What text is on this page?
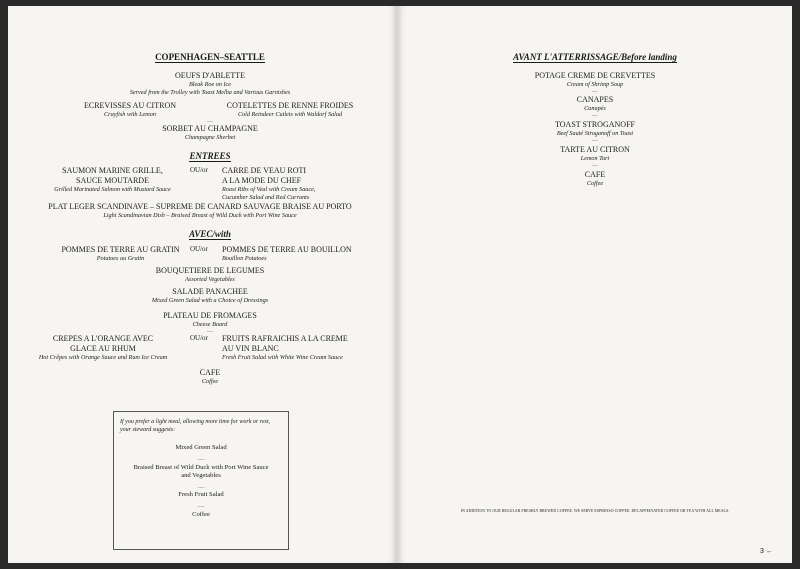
COPENHAGEN–SEATTLE
OEUFS D'ABLETTE
Bleak Roe on Ice
Served from the Trolley with Toast Melba and Various Garnishes
ECREVISSES AU CITRON
Crayfish with Lemon
COTELETTES DE RENNE FROIDES
Cold Reindeer Cutlets with Waldorf Salad
—
SORBET AU CHAMPAGNE
Champagne Sherbet
ENTREES
SAUMON MARINE GRILLE,
SAUCE MOUTARDE
Grilled Marinated Salmon with Mustard Sauce
OU/or CARRE DE VEAU ROTI
A LA MODE DU CHEF
Roast Ribs of Veal with Cream Sauce,
Cucumber Salad and Red Currants
PLAT LEGER SCANDINAVE – SUPREME DE CANARD SAUVAGE BRAISE AU PORTO
Light Scandinavian Dish – Braised Breast of Wild Duck with Port Wine Sauce
AVEC/with
POMMES DE TERRE AU GRATIN
Potatoes au Gratin
OU/or POMMES DE TERRE AU BOUILLON
Bouillon Potatoes
BOUQUETIERE DE LEGUMES
Assorted Vegetables
SALADE PANACHEE
Mixed Green Salad with a Choice of Dressings
PLATEAU DE FROMAGES
Cheese Board
—
CREPES A L'ORANGE AVEC
GLACE AU RHUM
Hot Crêpes with Orange Sauce and Rum Ice Cream
OU/or FRUITS RAFRAICHIS A LA CREME
AU VIN BLANC
Fresh Fruit Salad with White Wine Cream Sauce
CAFE
Coffee
If you prefer a light meal, allowing more time for work or rest,
your steward suggests:
Mixed Green Salad
—
Braised Breast of Wild Duck with Port Wine Sauce
and Vegetables
—
Fresh Fruit Salad
—
Coffee
AVANT L'ATTERRISSAGE/Before landing
POTAGE CREME DE CREVETTES
Cream of Shrimp Soup
—
CANAPES
Canapés
—
TOAST STROGANOFF
Beef Sauté Stroganoff on Toast
—
TARTE AU CITRON
Lemon Tart
—
CAFE
Coffee
IN ADDITION TO OUR REGULAR FRESHLY BREWED COFFEE, WE SERVE ESPRESSO COFFEE, DECAFFEINATED COFFEE OR TEA WITH ALL MEALS.
3 ←
